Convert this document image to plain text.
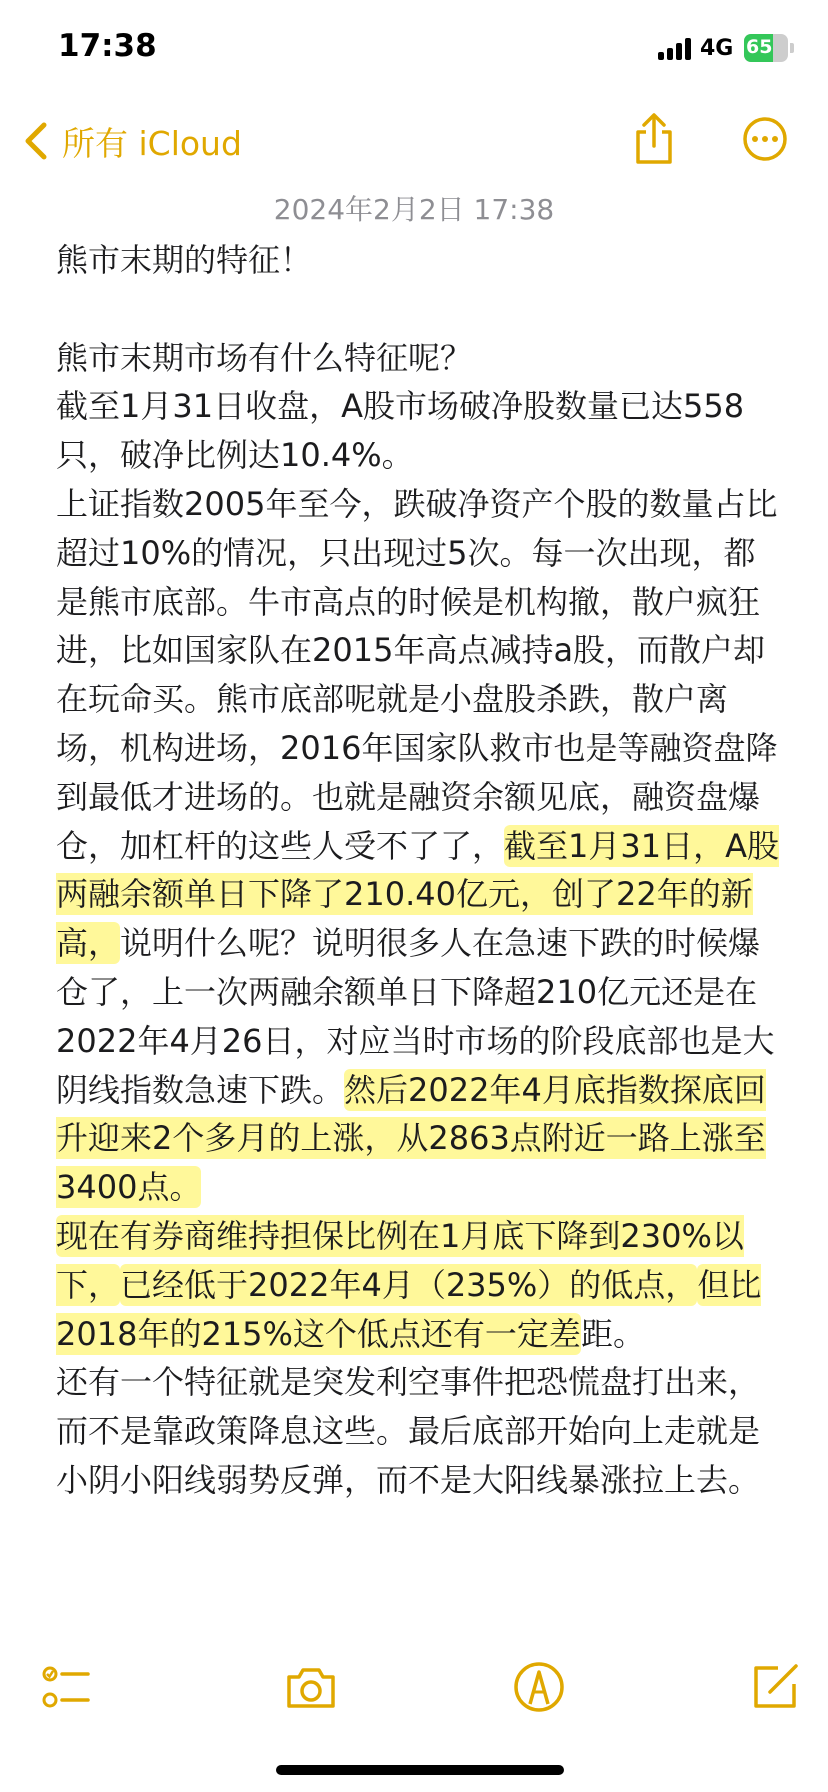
17:38	4G 65
所有 iCloud
2024年2月2日 17:38
熊市末期的特征！

熊市末期市场有什么特征呢？

截至1月31日收盘，A股市场破净股数量已达558只，破净比例达10.4%。

上证指数2005年至今，跌破净资产个股的数量占比超过10%的情况，只出现过5次。每一次出现，都是熊市底部。牛市高点的时候是机构撤，散户疯狂进，比如国家队在2015年高点减持a股，而散户却在玩命买。熊市底部呢就是小盘股杀跌，散户离场，机构进场，2016年国家队救市也是等融资盘降到最低才进场的。也就是融资余额见底，融资盘爆仓，加杠杆的这些人受不了了，截至1月31日，A股两融余额单日下降了210.40亿元，创了22年的新高，说明什么呢？说明很多人在急速下跌的时候爆仓了，上一次两融余额单日下降超210亿元还是在2022年4月26日，对应当时市场的阶段底部也是大阴线指数急速下跌。然后2022年4月底指数探底回升迎来2个多月的上涨，从2863点附近一路上涨至3400点。

现在有券商维持担保比例在1月底下降到230%以下，已经低于2022年4月（235%）的低点，但比2018年的215%这个低点还有一定差距。

还有一个特征就是突发利空事件把恐慌盘打出来，而不是靠政策降息这些。最后底部开始向上走就是小阴小阳线弱势反弹，而不是大阳线暴涨拉上去。
